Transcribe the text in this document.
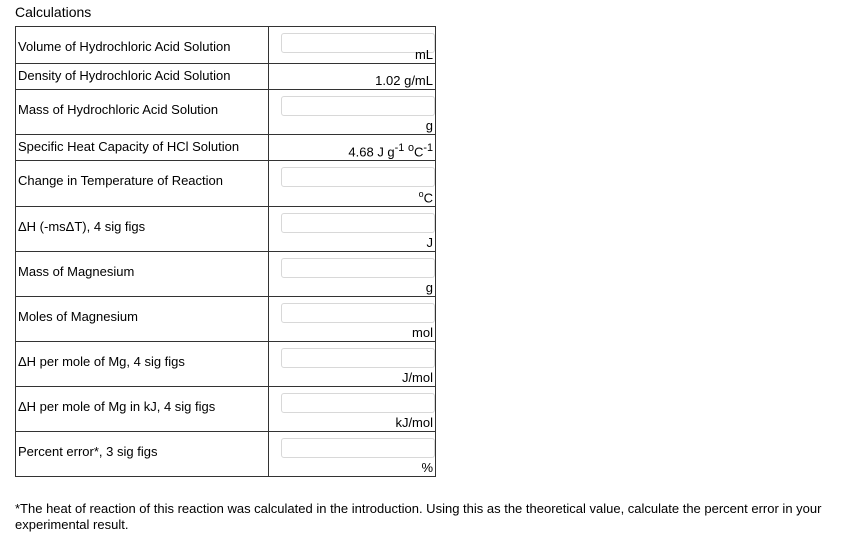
Calculations
Volume of Hydrochloric Acid Solution	mL

Density of Hydrochloric Acid Solution	1.02 g/mL

Mass of Hydrochloric Acid Solution	g

Specific Heat Capacity of HCl Solution	4.68 J $g^{-1}$ $^oC^{-1}$

Change in Temperature of Reaction	$^o$C

ΔH (-msΔT), 4 sig figs	J

Mass of Magnesium	g

Moles of Magnesium	mol

ΔH per mole of Mg, 4 sig figs	J/mol

ΔH per mole of Mg in kJ, 4 sig figs	kJ/mol

Percent error*, 3 sig figs	%
*The heat of reaction of this reaction was calculated in the introduction. Using this as the theoretical value, calculate the percent error in your experimental result.
